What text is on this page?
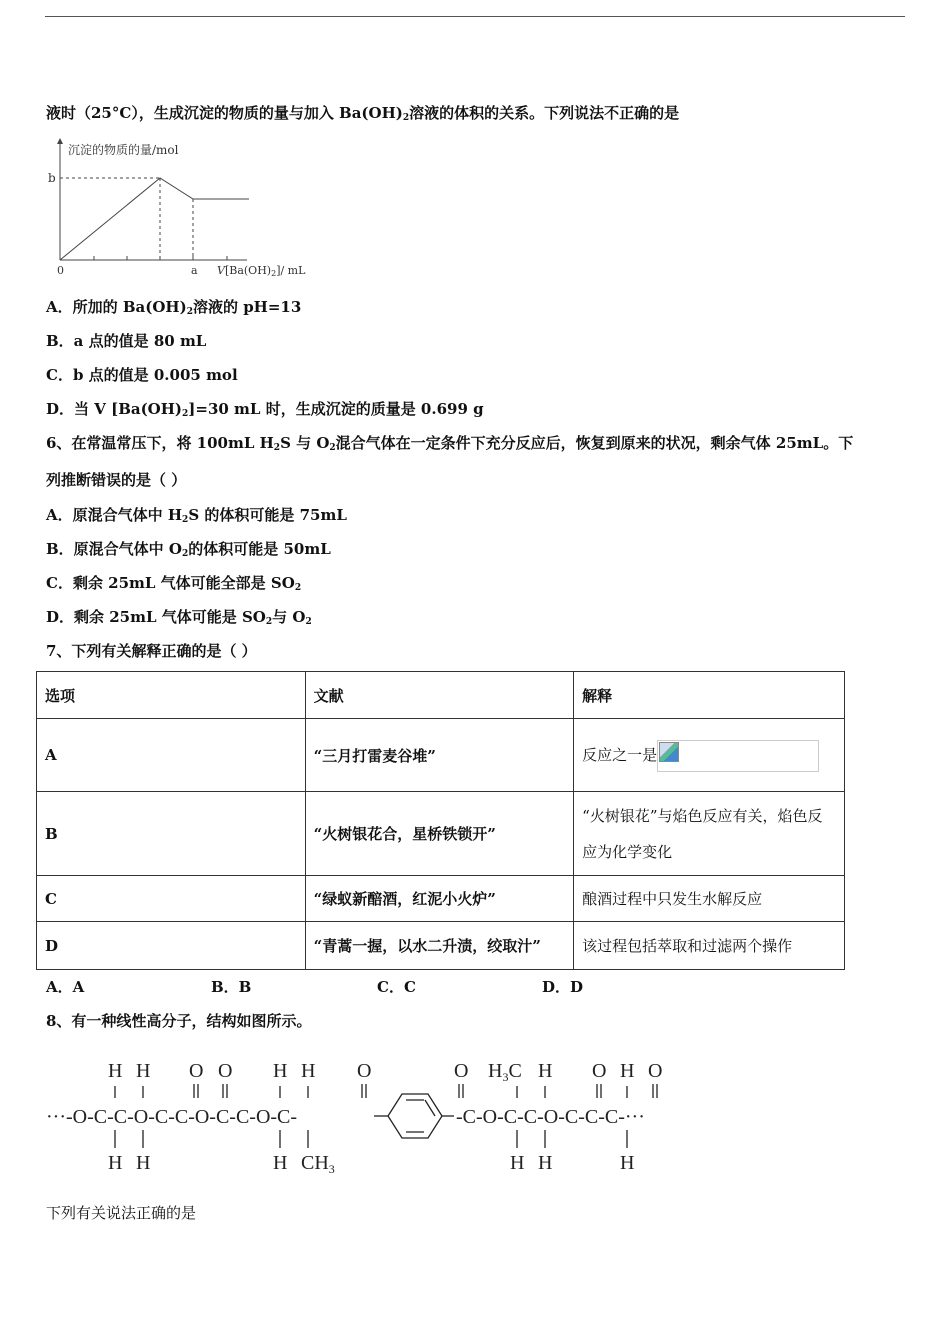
液时（25°C），生成沉淀的物质的量与加入 $Ba(OH)_2$溶液的体积的关系。下列说法不正确的是
沉淀的物质的量/mol
b
0	a V[Ba(OH)2]/ mL
A．所加的 $Ba(OH)_2$溶液的 pH=13
B．a 点的值是 80 mL
C．b 点的值是 0.005 mol
D．当 V $[Ba(OH)_2]=30$ mL 时，生成沉淀的质量是 0.699 g
6、在常温常压下，将 100mL $H_2S$ 与 $O_2$混合气体在一定条件下充分反应后，恢复到原来的状况，剩余气体 25mL。下
列推断错误的是（ ）
A．原混合气体中 $H_2S$ 的体积可能是 75mL
B．原混合气体中 $O_2$的体积可能是 50mL
C．剩余 25mL 气体可能全部是 $SO_2$
D．剩余 25mL 气体可能是 $SO_2$与 $O_2$
7、下列有关解释正确的是（ ）
选项	文献	解释
A	“三月打雷麦谷堆”	反应之一是
B	“火树银花合，星桥铁锁开”	“火树银花”与焰色反应有关，焰色反应为化学变化
C	“绿蚁新醅酒，红泥小火炉”	酿酒过程中只发生水解反应
D	“青蒿一握，以水二升渍，绞取汁”	该过程包括萃取和过滤两个操作
A．A	B．B	C．C	D．D
8、有一种线性高分子，结构如图所示。
···-O-C-C-O-C-C-O-C-C-O-C-	-C-O-C-C-O-C-C-C-···
H H O O H H O	O $H_3C$ H O H O
H H	H $CH_3$	H H	H
下列有关说法正确的是
